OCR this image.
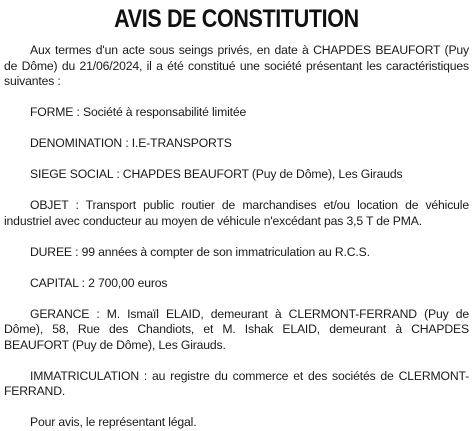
AVIS DE CONSTITUTION

Aux termes d'un acte sous seings privés, en date à CHAPDES BEAUFORT (Puy de Dôme) du 21/06/2024, il a été constitué une société présentant les caractéristiques suivantes :

FORME : Société à responsabilité limitée

DENOMINATION : I.E-TRANSPORTS

SIEGE SOCIAL : CHAPDES BEAUFORT (Puy de Dôme), Les Girauds

OBJET : Transport public routier de marchandises et/ou location de véhicule industriel avec conducteur au moyen de véhicule n'excédant pas 3,5 T de PMA.

DUREE : 99 années à compter de son immatriculation au R.C.S.

CAPITAL : 2 700,00 euros

GERANCE : M. Ismaïl ELAID, demeurant à CLERMONT-FERRAND (Puy de Dôme), 58, Rue des Chandiots, et M. Ishak ELAID, demeurant à CHAPDES BEAUFORT (Puy de Dôme), Les Girauds.

IMMATRICULATION : au registre du commerce et des sociétés de CLERMONT-FERRAND.

Pour avis, le représentant légal.
